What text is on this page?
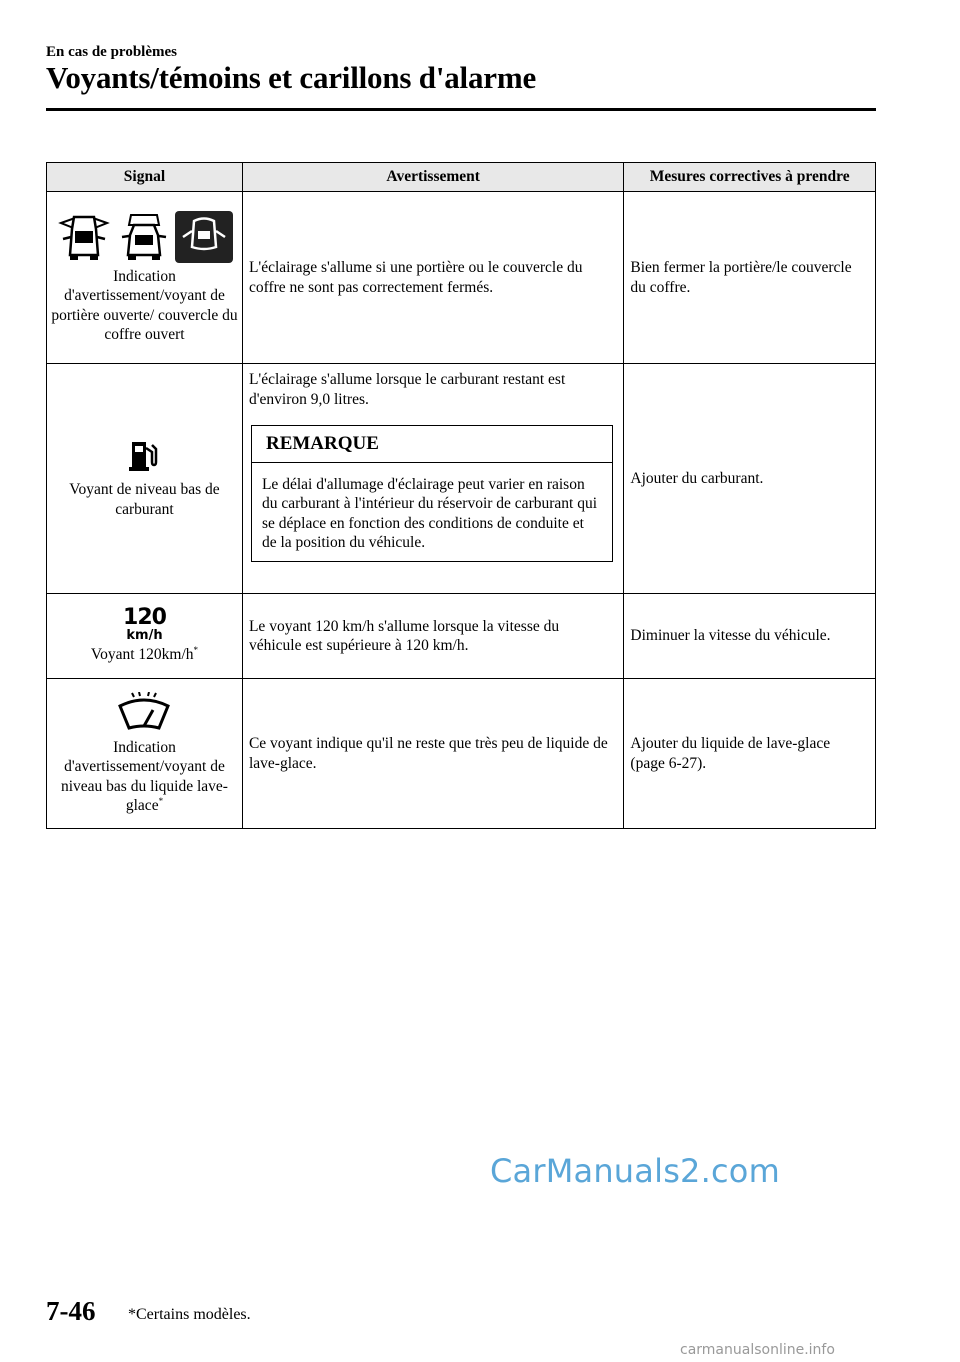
En cas de problèmes
Voyants/témoins et carillons d'alarme
Signal	Avertissement	Mesures correctives à prendre

Indication d'avertissement/voyant de portière ouverte/ couvercle du coffre ouvert	L'éclairage s'allume si une portière ou le couvercle du coffre ne sont pas correctement fermés.	Bien fermer la portière/le couvercle du coffre.

Voyant de niveau bas de carburant	L'éclairage s'allume lorsque le carburant restant est d'environ 9,0 litres.
REMARQUE
Le délai d'allumage d'éclairage peut varier en raison du carburant à l'intérieur du réservoir de carburant qui se déplace en fonction des conditions de conduite et de la position du véhicule.	Ajouter du carburant.

120
km/h
Voyant 120km/h*	Le voyant 120 km/h s'allume lorsque la vitesse du véhicule est supérieure à 120 km/h.	Diminuer la vitesse du véhicule.

Indication d'avertissement/voyant de niveau bas du liquide lave-glace*	Ce voyant indique qu'il ne reste que très peu de liquide de lave-glace.	Ajouter du liquide de lave-glace (page 6-27).
CarManuals2.com
7-46 *Certains modèles.
carmanualsonline.info
